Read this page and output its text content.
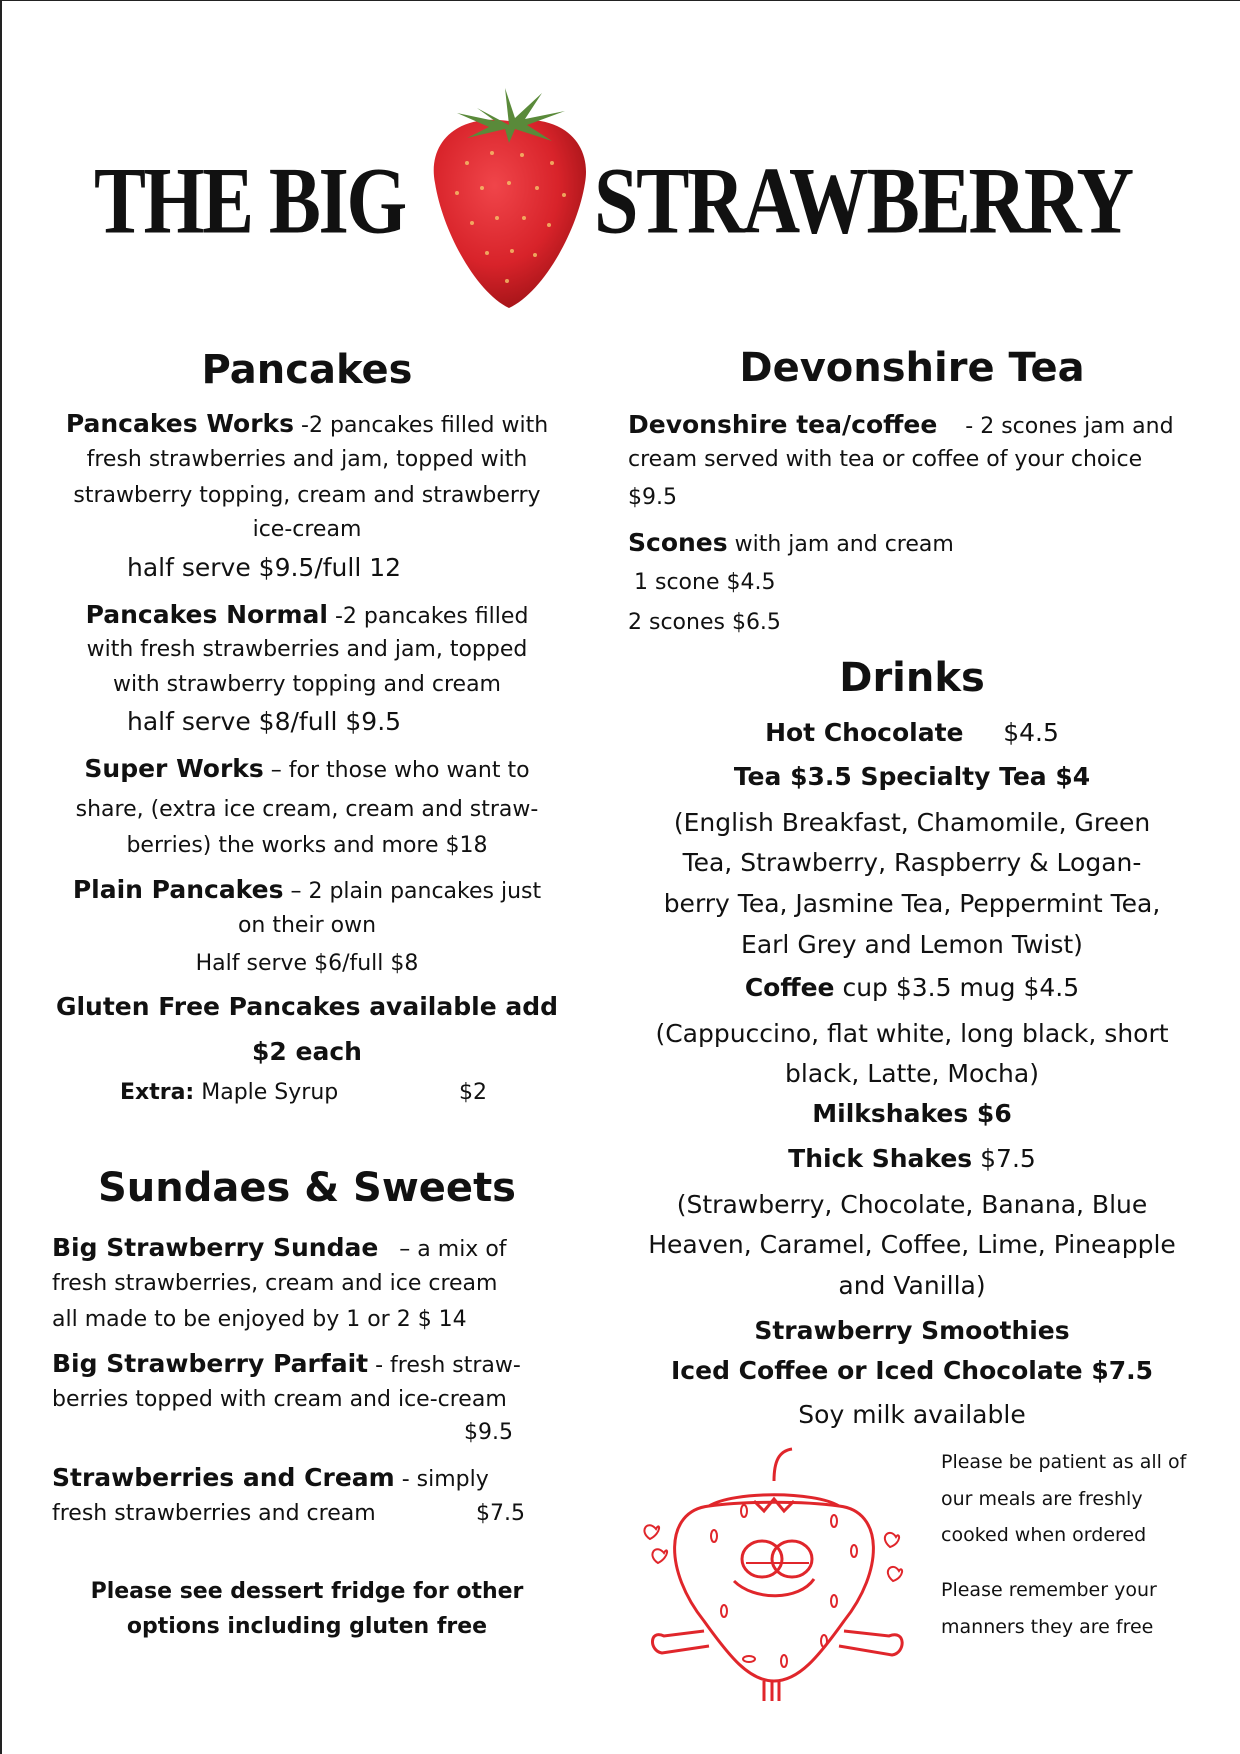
THE BIG STRAWBERRY
Pancakes
Pancakes Works -2 pancakes filled with
fresh strawberries and jam, topped with
strawberry topping, cream and strawberry
ice-cream
half serve $9.5/full 12
Pancakes Normal -2 pancakes filled
with fresh strawberries and jam, topped
with strawberry topping and cream
half serve $8/full $9.5
Super Works – for those who want to
share, (extra ice cream, cream and straw-
berries) the works and more $18
Plain Pancakes – 2 plain pancakes just
on their own
Half serve $6/full $8
Gluten Free Pancakes available add
$2 each
Extra: Maple Syrup	$2
Sundaes & Sweets
Big Strawberry Sundae – a mix of
fresh strawberries, cream and ice cream
all made to be enjoyed by 1 or 2 $ 14
Big Strawberry Parfait - fresh straw-
berries topped with cream and ice-cream
$9.5
Strawberries and Cream - simply
fresh strawberries and cream	$7.5
Please see dessert fridge for other
options including gluten free
Devonshire Tea
Devonshire tea/coffee - 2 scones jam and
cream served with tea or coffee of your choice
$9.5
Scones with jam and cream
1 scone $4.5
2 scones $6.5
Drinks
Hot Chocolate $4.5
Tea $3.5 Specialty Tea $4
(English Breakfast, Chamomile, Green
Tea, Strawberry, Raspberry & Logan-
berry Tea, Jasmine Tea, Peppermint Tea,
Earl Grey and Lemon Twist)
Coffee cup $3.5 mug $4.5
(Cappuccino, flat white, long black, short
black, Latte, Mocha)
Milkshakes $6
Thick Shakes $7.5
(Strawberry, Chocolate, Banana, Blue
Heaven, Caramel, Coffee, Lime, Pineapple
and Vanilla)
Strawberry Smoothies
Iced Coffee or Iced Chocolate $7.5
Soy milk available
Please be patient as all of
our meals are freshly
cooked when ordered
Please remember your
manners they are free
